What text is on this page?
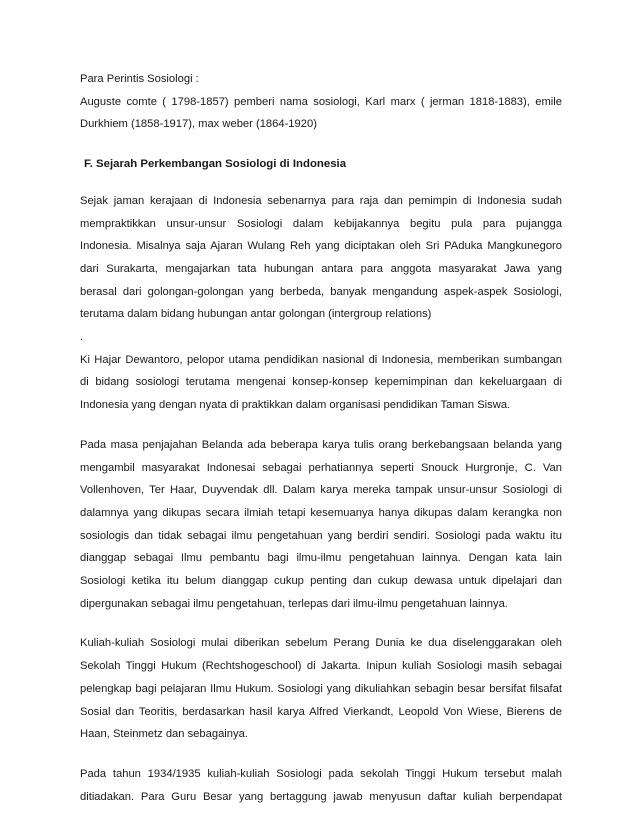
Para Perintis Sosiologi :
Auguste comte ( 1798-1857) pemberi nama sosiologi, Karl marx ( jerman 1818-1883), emile
Durkhiem (1858-1917), max weber (1864-1920)
F. Sejarah Perkembangan Sosiologi di Indonesia
Sejak jaman kerajaan di Indonesia sebenarnya para raja dan pemimpin di Indonesia sudah
mempraktikkan unsur-unsur Sosiologi dalam kebijakannya begitu pula para pujangga
Indonesia. Misalnya saja Ajaran Wulang Reh yang diciptakan oleh Sri PAduka Mangkunegoro
dari Surakarta, mengajarkan tata hubungan antara para anggota masyarakat Jawa yang
berasal dari golongan-golongan yang berbeda, banyak mengandung aspek-aspek Sosiologi,
terutama dalam bidang hubungan antar golongan (intergroup relations)
.
Ki Hajar Dewantoro, pelopor utama pendidikan nasional di Indonesia, memberikan sumbangan
di bidang sosiologi terutama mengenai konsep-konsep kepemimpinan dan kekeluargaan di
Indonesia yang dengan nyata di praktikkan dalam organisasi pendidikan Taman Siswa.
Pada masa penjajahan Belanda ada beberapa karya tulis orang berkebangsaan belanda yang
mengambil masyarakat Indonesai sebagai perhatiannya seperti Snouck Hurgronje, C. Van
Vollenhoven, Ter Haar, Duyvendak dll. Dalam karya mereka tampak unsur-unsur Sosiologi di
dalamnya yang dikupas secara ilmiah tetapi kesemuanya hanya dikupas dalam kerangka non
sosiologis dan tidak sebagai ilmu pengetahuan yang berdiri sendiri. Sosiologi pada waktu itu
dianggap sebagai Ilmu pembantu bagi ilmu-ilmu pengetahuan lainnya. Dengan kata lain
Sosiologi ketika itu belum dianggap cukup penting dan cukup dewasa untuk dipelajari dan
dipergunakan sebagai ilmu pengetahuan, terlepas dari ilmu-ilmu pengetahuan lainnya.
Kuliah-kuliah Sosiologi mulai diberikan sebelum Perang Dunia ke dua diselenggarakan oleh
Sekolah Tinggi Hukum (Rechtshogeschool) di Jakarta. Inipun kuliah Sosiologi masih sebagai
pelengkap bagi pelajaran Ilmu Hukum. Sosiologi yang dikuliahkan sebagin besar bersifat filsafat
Sosial dan Teoritis, berdasarkan hasil karya Alfred Vierkandt, Leopold Von Wiese, Bierens de
Haan, Steinmetz dan sebagainya.
Pada tahun 1934/1935 kuliah-kuliah Sosiologi pada sekolah Tinggi Hukum tersebut malah
ditiadakan. Para Guru Besar yang bertaggung jawab menyusun daftar kuliah berpendapat
